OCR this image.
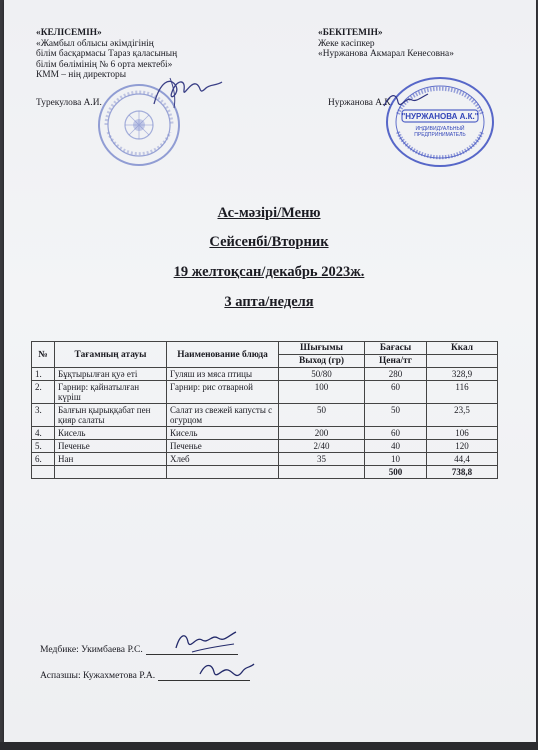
«КЕЛІСЕМІН»
«Жамбыл облысы әкімдігінің
білім басқармасы Тараз қаласының
білім бөлімінің № 6 орта мектебі»
КММ – нің директоры
Турекулова А.И.
«БЕКІТЕМІН»
Жеке кәсіпкер
«Нуржанова Акмарал Кенесовна»
Нуржанова А.К.
"НУРЖАНОВА А.К."
ИНДИВИДУАЛЬНЫЙ
ПРЕДПРИНИМАТЕЛЬ
Ас-мәзірі/Меню
Сейсенбі/Вторник
19 желтоқсан/декабрь 2023ж.
3 апта/неделя
№	Тағамның атауы	Наименование блюда	Шығымы	Бағасы	Ккал
			Выход (гр)	Цена/тг	
1.	Бұқтырылған қуә еті	Гуляш из мяса птицы	50/80	280	328,9
2.	Гарнир: қайнатылған күріш	Гарнир: рис отварной	100	60	116
3.	Балғын қырыққабат пен қияр салаты	Салат из свежей капусты с огурцом	50	50	23,5
4.	Кисель	Кисель	200	60	106
5.	Печенье	Печенье	2/40	40	120
6.	Нан	Хлеб	35	10	44,4
				500	738,8
Медбике: Укимбаева Р.С.
Аспазшы: Кужахметова Р.А.
